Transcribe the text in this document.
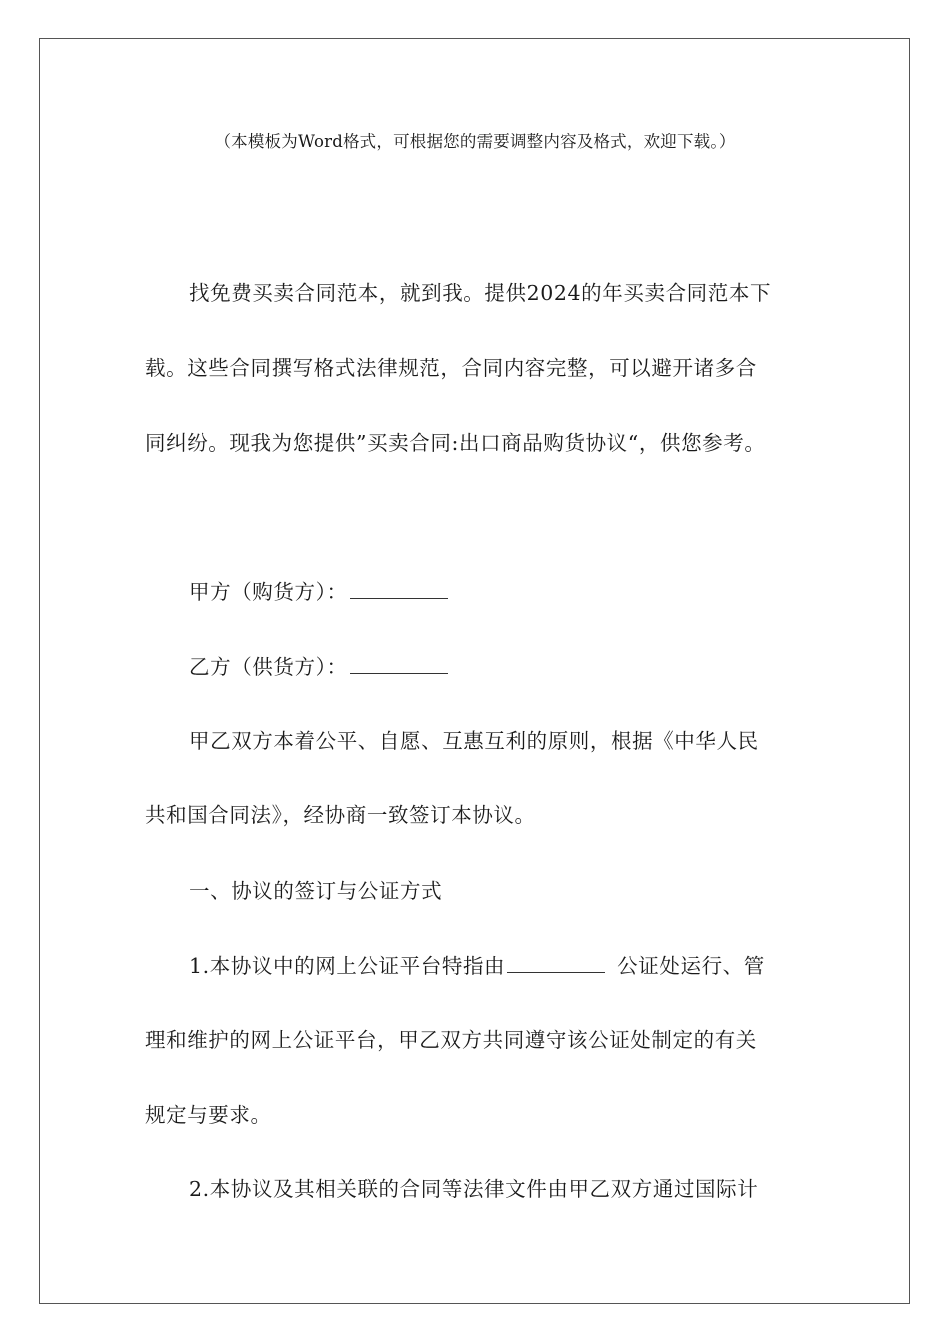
（本模板为Word格式，可根据您的需要调整内容及格式，欢迎下载。）
找免费买卖合同范本，就到我。提供2024的年买卖合同范本下
载。这些合同撰写格式法律规范，合同内容完整，可以避开诸多合
同纠纷。现我为您提供”买卖合同:出口商品购货协议“，供您参考。
甲方（购货方）：
乙方（供货方）：
甲乙双方本着公平、自愿、互惠互利的原则，根据《中华人民
共和国合同法》，经协商一致签订本协议。
一、协议的签订与公证方式
1.本协议中的网上公证平台特指由	公证处运行、管
理和维护的网上公证平台，甲乙双方共同遵守该公证处制定的有关
规定与要求。
2.本协议及其相关联的合同等法律文件由甲乙双方通过国际计
